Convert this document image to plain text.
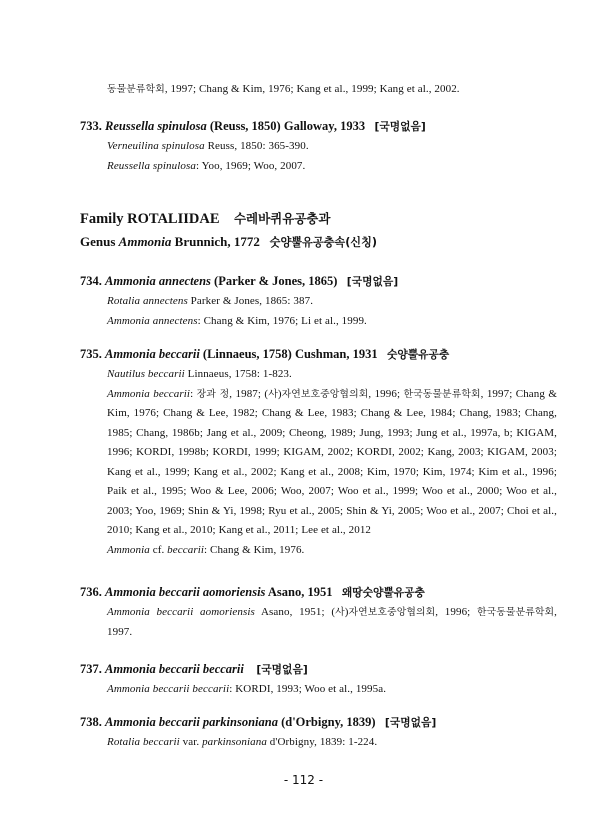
동물분류학회, 1997; Chang & Kim, 1976; Kang et al., 1999; Kang et al., 2002.
733. Reussella spinulosa (Reuss, 1850) Galloway, 1933 [국명없음]
Verneuilina spinulosa Reuss, 1850: 365-390.
Reussella spinulosa: Yoo, 1969; Woo, 2007.
Family ROTALIIDAE 수레바퀴유공충과
Genus Ammonia Brunnich, 1772 숫양뿔유공충속(신칭)
734. Ammonia annectens (Parker & Jones, 1865) [국명없음]
Rotalia annectens Parker & Jones, 1865: 387.
Ammonia annectens: Chang & Kim, 1976; Li et al., 1999.
735. Ammonia beccarii (Linnaeus, 1758) Cushman, 1931 숫양뿔유공충
Nautilus beccarii Linnaeus, 1758: 1-823.
Ammonia beccarii: 장과 정, 1987; (사)자연보호중앙협의회, 1996; 한국동물분류학회, 1997; Chang & Kim, 1976; Chang & Lee, 1982; Chang & Lee, 1983; Chang & Lee, 1984; Chang, 1983; Chang, 1985; Chang, 1986b; Jang et al., 2009; Cheong, 1989; Jung, 1993; Jung et al., 1997a, b; KIGAM, 1996; KORDI, 1998b; KORDI, 1999; KIGAM, 2002; KORDI, 2002; Kang, 2003; KIGAM, 2003; Kang et al., 1999; Kang et al., 2002; Kang et al., 2008; Kim, 1970; Kim, 1974; Kim et al., 1996; Paik et al., 1995; Woo & Lee, 2006; Woo, 2007; Woo et al., 1999; Woo et al., 2000; Woo et al., 2003; Yoo, 1969; Shin & Yi, 1998; Ryu et al., 2005; Shin & Yi, 2005; Woo et al., 2007; Choi et al., 2010; Kang et al., 2010; Kang et al., 2011; Lee et al., 2012
Ammonia cf. beccarii: Chang & Kim, 1976.
736. Ammonia beccarii aomoriensis Asano, 1951 왜땅숫양뿔유공충
Ammonia beccarii aomoriensis Asano, 1951; (사)자연보호중앙협의회, 1996; 한국동물분류학회, 1997.
737. Ammonia beccarii beccarii [국명없음]
Ammonia beccarii beccarii: KORDI, 1993; Woo et al., 1995a.
738. Ammonia beccarii parkinsoniana (d'Orbigny, 1839) [국명없음]
Rotalia beccarii var. parkinsoniana d'Orbigny, 1839: 1-224.
- 112 -
